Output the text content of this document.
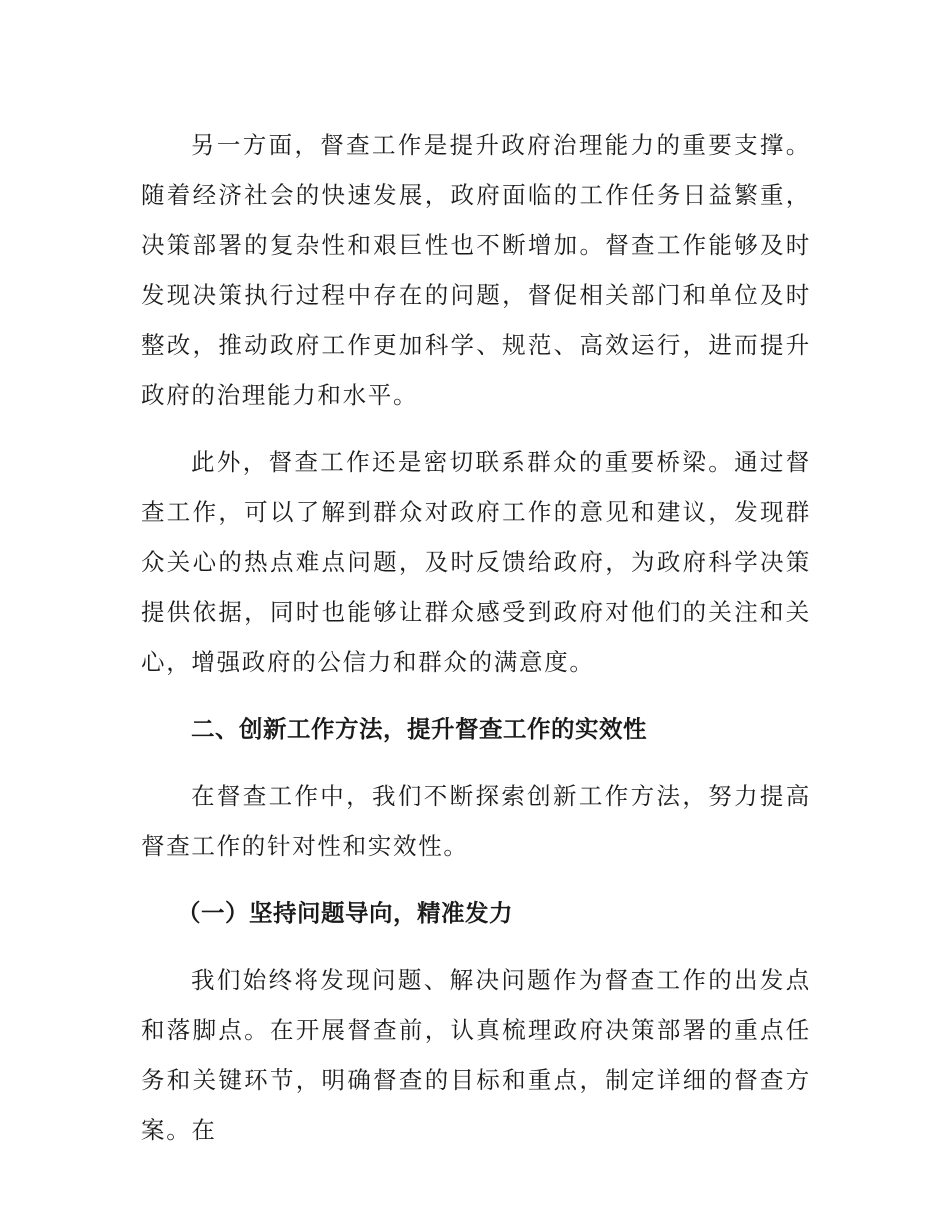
另一方面，督查工作是提升政府治理能力的重要支撑。随着经济社会的快速发展，政府面临的工作任务日益繁重，决策部署的复杂性和艰巨性也不断增加。督查工作能够及时发现决策执行过程中存在的问题，督促相关部门和单位及时整改，推动政府工作更加科学、规范、高效运行，进而提升政府的治理能力和水平。

此外，督查工作还是密切联系群众的重要桥梁。通过督查工作，可以了解到群众对政府工作的意见和建议，发现群众关心的热点难点问题，及时反馈给政府，为政府科学决策提供依据，同时也能够让群众感受到政府对他们的关注和关心，增强政府的公信力和群众的满意度。

二、创新工作方法，提升督查工作的实效性

在督查工作中，我们不断探索创新工作方法，努力提高督查工作的针对性和实效性。

（一）坚持问题导向，精准发力

我们始终将发现问题、解决问题作为督查工作的出发点和落脚点。在开展督查前，认真梳理政府决策部署的重点任务和关键环节，明确督查的目标和重点，制定详细的督查方案。在
